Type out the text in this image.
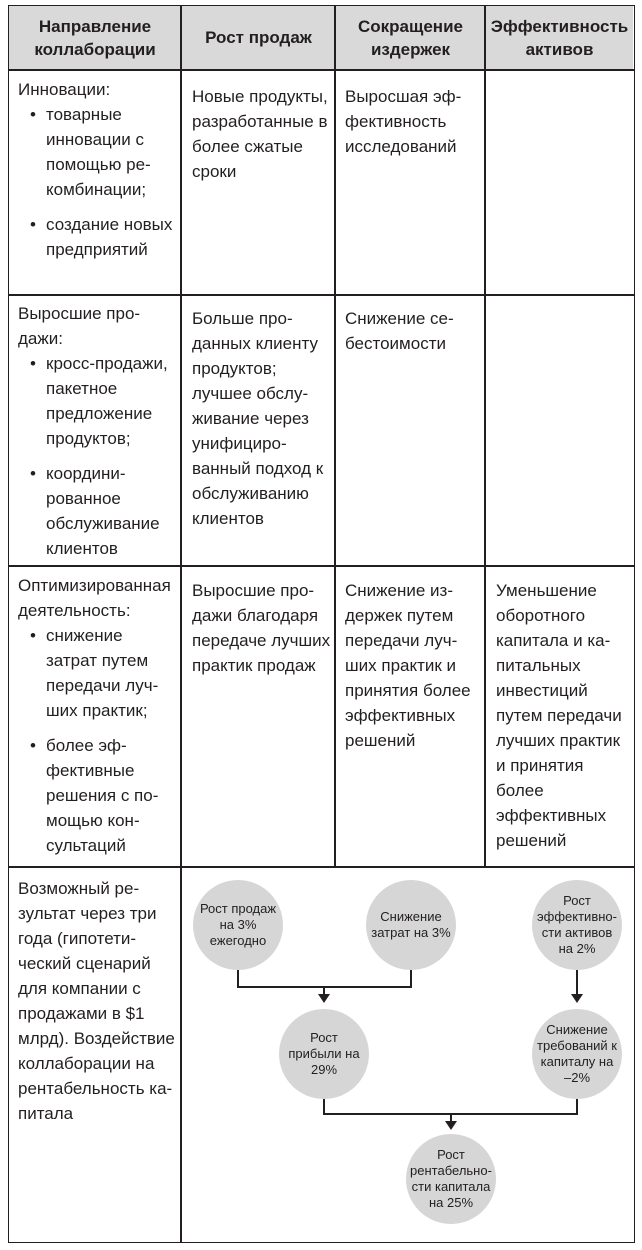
Направление коллаборации
Рост продаж
Сокращение издержек
Эффективность активов

Инновации:

• товарные инновации с помощью рекомбинации;
• создание новых предприятий
Новые продукты, разработанные в более сжатые сроки
Выросшая эффективность исследований

Выросшие продажи:

• кросс-продажи, пакетное предложение продуктов;
• координированное обслуживание клиентов
Больше проданных клиенту продуктов; лучшее обслуживание через унифицированный подход к обслуживанию клиентов
Снижение себестоимости

Оптимизированная деятельность:

• снижение затрат путем передачи лучших практик;
• более эффективные решения с помощью консультаций
Выросшие продажи благодаря передаче лучших практик продаж
Снижение издержек путем передачи лучших практик и принятия более эффективных решений
Уменьшение оборотного капитала и капитальных инвестиций путем передачи лучших практик и принятия более эффективных решений
Возможный результат через три года (гипотетический сценарий для компании с продажами в $1 млрд). Воздействие коллаборации на рентабельность капитала
Рост продаж на 3% ежегодно
Снижение затрат на 3%
Рост эффективности активов на 2%
Рост прибыли на 29%
Снижение требований к капиталу на –2%
Рост рентабельности капитала на 25%
